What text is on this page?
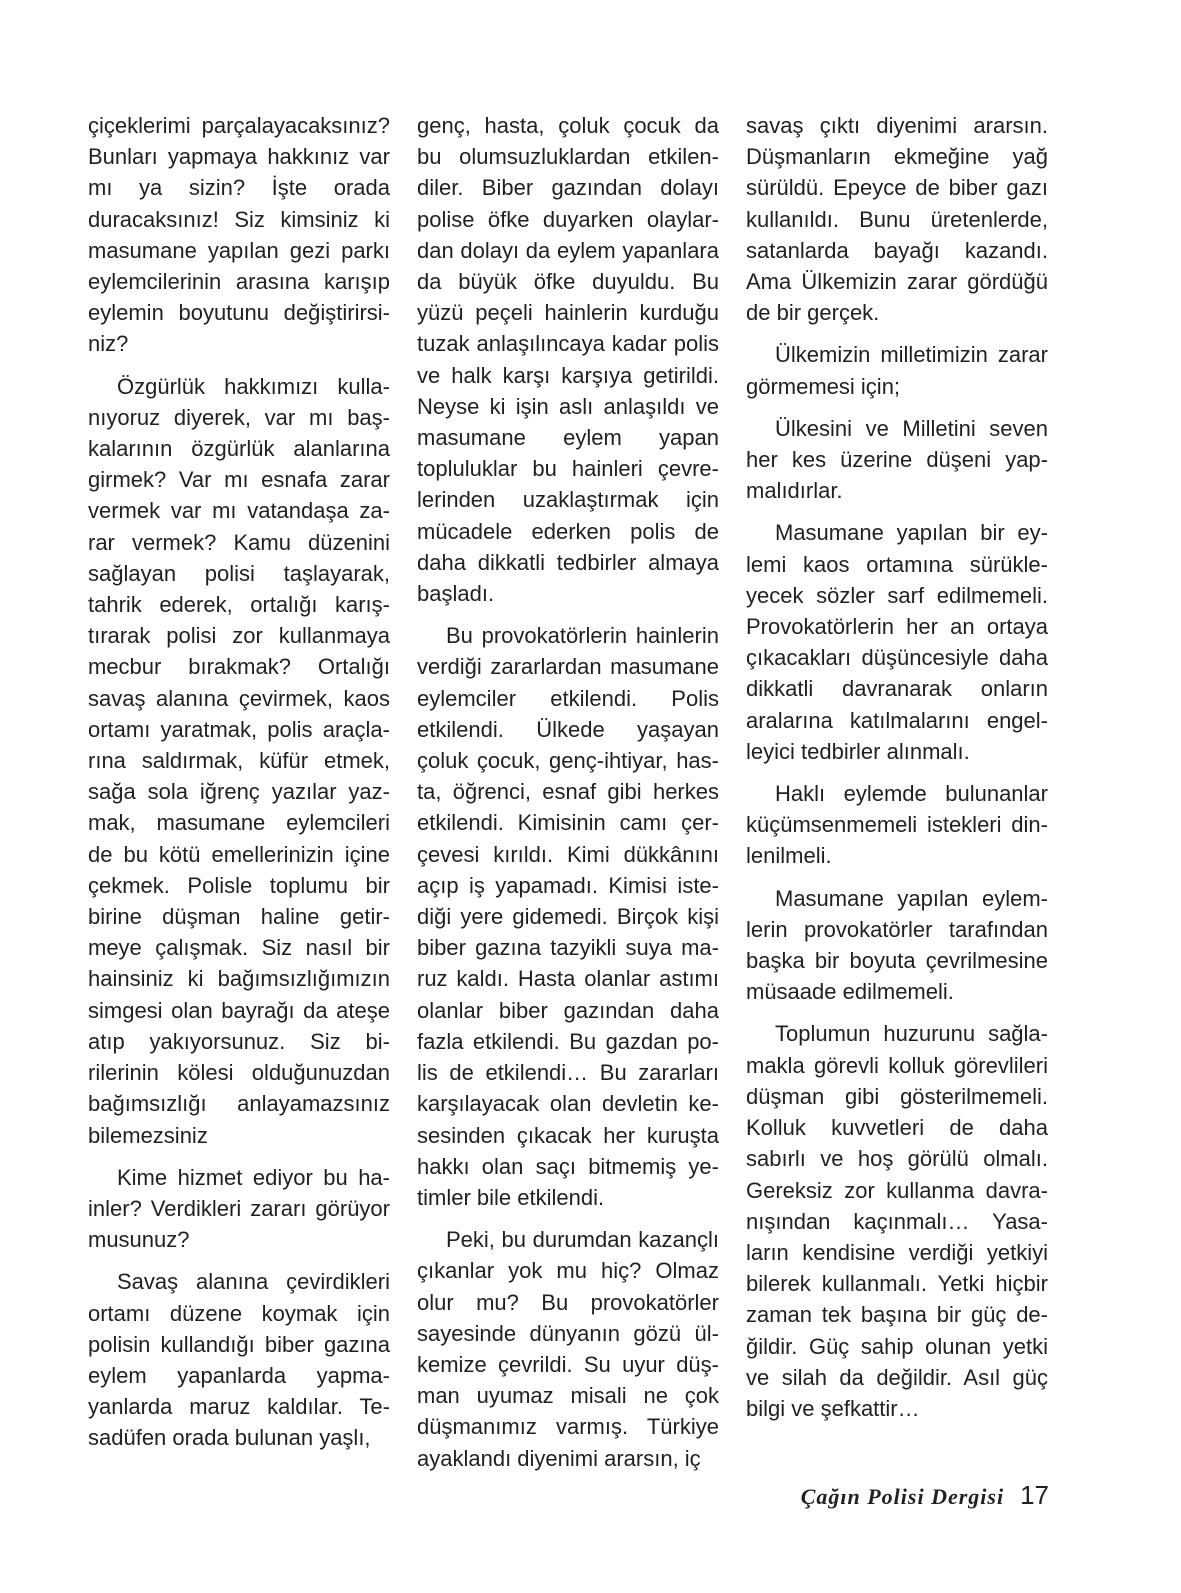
çiçeklerimi parçalayacaksınız? Bunları yapmaya hakkınız var mı ya sizin? İşte orada duracaksınız! Siz kimsiniz ki masumane yapılan gezi parkı eylemcilerinin arasına karışıp eylemin boyutunu değiştirirsiniz?

Özgürlük hakkımızı kullanıyoruz diyerek, var mı başkalarının özgürlük alanlarına girmek? Var mı esnafa zarar vermek var mı vatandaşa zarar vermek? Kamu düzenini sağlayan polisi taşlayarak, tahrik ederek, ortalığı karıştırarak polisi zor kullanmaya mecbur bırakmak? Ortalığı savaş alanına çevirmek, kaos ortamı yaratmak, polis araçlarına saldırmak, küfür etmek, sağa sola iğrenç yazılar yazmak, masumane eylemcileri de bu kötü emellerinizin içine çekmek. Polisle toplumu bir birine düşman haline getirmeye çalışmak. Siz nasıl bir hainsiniz ki bağımsızlığımızın simgesi olan bayrağı da ateşe atıp yakıyorsunuz. Siz birilerinin kölesi olduğunuzdan bağımsızlığı anlayamazsınız bilemezsiniz

Kime hizmet ediyor bu hainler? Verdikleri zararı görüyor musunuz?

Savaş alanına çevirdikleri ortamı düzene koymak için polisin kullandığı biber gazına eylem yapanlarda yapmayanlarda maruz kaldılar. Tesadüfen orada bulunan yaşlı,

genç, hasta, çoluk çocuk da bu olumsuzluklardan etkilendiler. Biber gazından dolayı polise öfke duyarken olaylardan dolayı da eylem yapanlara da büyük öfke duyuldu. Bu yüzü peçeli hainlerin kurduğu tuzak anlaşılıncaya kadar polis ve halk karşı karşıya getirildi. Neyse ki işin aslı anlaşıldı ve masumane eylem yapan topluluklar bu hainleri çevrelerinden uzaklaştırmak için mücadele ederken polis de daha dikkatli tedbirler almaya başladı.

Bu provokatörlerin hainlerin verdiği zararlardan masumane eylemciler etkilendi. Polis etkilendi. Ülkede yaşayan çoluk çocuk, genç-ihtiyar, hasta, öğrenci, esnaf gibi herkes etkilendi. Kimisinin camı çerçevesi kırıldı. Kimi dükkânını açıp iş yapamadı. Kimisi istediği yere gidemedi. Birçok kişi biber gazına tazyikli suya maruz kaldı. Hasta olanlar astımı olanlar biber gazından daha fazla etkilendi. Bu gazdan polis de etkilendi… Bu zararları karşılayacak olan devletin kesesinden çıkacak her kuruşta hakkı olan saçı bitmemiş yetimler bile etkilendi.

Peki, bu durumdan kazançlı çıkanlar yok mu hiç? Olmaz olur mu? Bu provokatörler sayesinde dünyanın gözü ülkemize çevrildi. Su uyur düşman uyumaz misali ne çok düşmanımız varmış. Türkiye ayaklandı diyenimi ararsın, iç

savaş çıktı diyenimi ararsın. Düşmanların ekmeğine yağ sürüldü. Epeyce de biber gazı kullanıldı. Bunu üretenlerde, satanlarda bayağı kazandı. Ama Ülkemizin zarar gördüğü de bir gerçek.

Ülkemizin milletimizin zarar görmemesi için;

Ülkesini ve Milletini seven her kes üzerine düşeni yapmalıdırlar.

Masumane yapılan bir eylemi kaos ortamına sürükleyecek sözler sarf edilmemeli. Provokatörlerin her an ortaya çıkacakları düşüncesiyle daha dikkatli davranarak onların aralarına katılmalarını engelleyici tedbirler alınmalı.

Haklı eylemde bulunanlar küçümsenmemeli istekleri dinlenilmeli.

Masumane yapılan eylemlerin provokatörler tarafından başka bir boyuta çevrilmesine müsaade edilmemeli.

Toplumun huzurunu sağlamakla görevli kolluk görevlileri düşman gibi gösterilmemeli. Kolluk kuvvetleri de daha sabırlı ve hoş görülü olmalı. Gereksiz zor kullanma davranışından kaçınmalı… Yasaların kendisine verdiği yetkiyi bilerek kullanmalı. Yetki hiçbir zaman tek başına bir güç değildir. Güç sahip olunan yetki ve silah da değildir. Asıl güç bilgi ve şefkattir…

Çağın Polisi Dergisi 17
